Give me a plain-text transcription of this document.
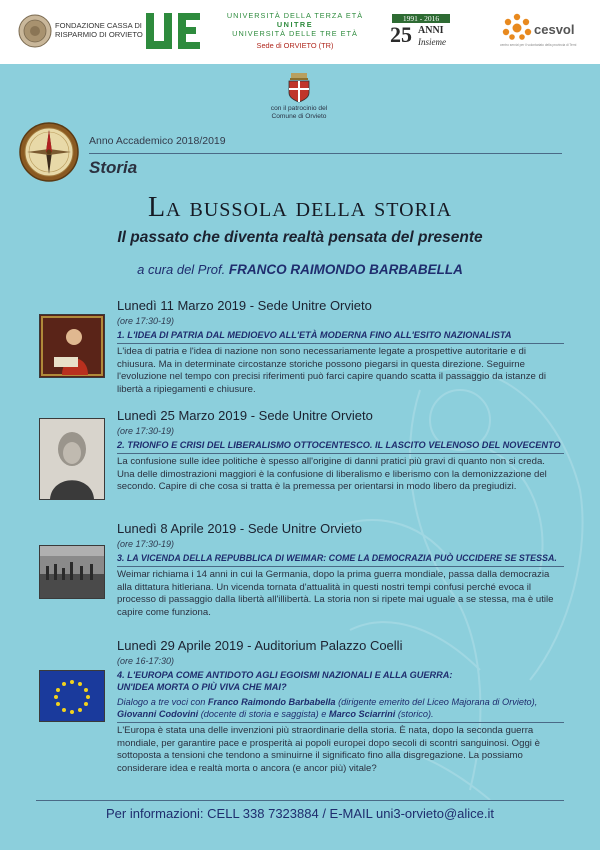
FONDAZIONE CASSA DI
RISPARMIO DI ORVIETO
UNIVERSITÀ DELLA TERZA ETÀ
UNITRE
UNIVERSITÀ DELLE TRE ETÀ
Sede di ORVIETO (TR)
1991 - 2016
25 ANNI
Insieme
cesvol
centro servizi per il volontariato della provincia di Terni
con il patrocinio del
Comune di Orvieto
Anno Accademico 2018/2019
Storia
La bussola della storia
Il passato che diventa realtà pensata del presente
a cura del Prof. FRANCO RAIMONDO BARBABELLA
Lunedì 11 Marzo 2019 - Sede Unitre Orvieto
(ore 17:30-19)
1. L'IDEA DI PATRIA DAL MEDIOEVO ALL'ETÀ MODERNA FINO ALL'ESITO NAZIONALISTA
L'idea di patria e l'idea di nazione non sono necessariamente legate a prospettive autoritarie e di chiusura. Ma in determinate circostanze storiche possono piegarsi in questa direzione. Seguirne l'evoluzione nel tempo con precisi riferimenti può farci capire quando scatta il passaggio da istanze di libertà a ripiegamenti e chiusure.
Lunedì 25 Marzo 2019 - Sede Unitre Orvieto
(ore 17:30-19)
2. TRIONFO E CRISI DEL LIBERALISMO OTTOCENTESCO. IL LASCITO VELENOSO DEL NOVECENTO
La confusione sulle idee politiche è spesso all'origine di danni pratici più gravi di quanto non si creda. Una delle dimostrazioni maggiori è la confusione di liberalismo e liberismo con la demonizzazione del secondo. Capire di che cosa si tratta è la premessa per orientarsi in modo libero da pregiudizi.
Lunedì 8 Aprile 2019 - Sede Unitre Orvieto
(ore 17:30-19)
3. LA VICENDA DELLA REPUBBLICA DI WEIMAR: COME LA DEMOCRAZIA PUÒ UCCIDERE SE STESSA.
Weimar richiama i 14 anni in cui la Germania, dopo la prima guerra mondiale, passa dalla democrazia alla dittatura hitleriana. Un vicenda tornata d'attualità in questi nostri tempi confusi perché evoca il processo di passaggio dalla libertà all'illibertà. La storia non si ripete mai uguale a se stessa, ma è utile capire come funziona.
Lunedì 29 Aprile 2019 - Auditorium Palazzo Coelli
(ore 16-17:30)
4. L'EUROPA COME ANTIDOTO AGLI EGOISMI NAZIONALI E ALLA GUERRA:
UN'IDEA MORTA O PIÙ VIVA CHE MAI?
Dialogo a tre voci con Franco Raimondo Barbabella (dirigente emerito del Liceo Majorana di Orvieto),
Giovanni Codovini (docente di storia e saggista) e Marco Sciarrini (storico).
L'Europa è stata una delle invenzioni più straordinarie della storia. È nata, dopo la seconda guerra mondiale, per garantire pace e prosperità ai popoli europei dopo secoli di scontri sanguinosi. Oggi è sottoposta a tensioni che tendono a sminuirne il significato fino alla disgregazione. La possiamo considerare idea e realtà morta o ancora (e ancor più) vitale?
Per informazioni: CELL 338 7323884 / E-MAIL uni3-orvieto@alice.it
